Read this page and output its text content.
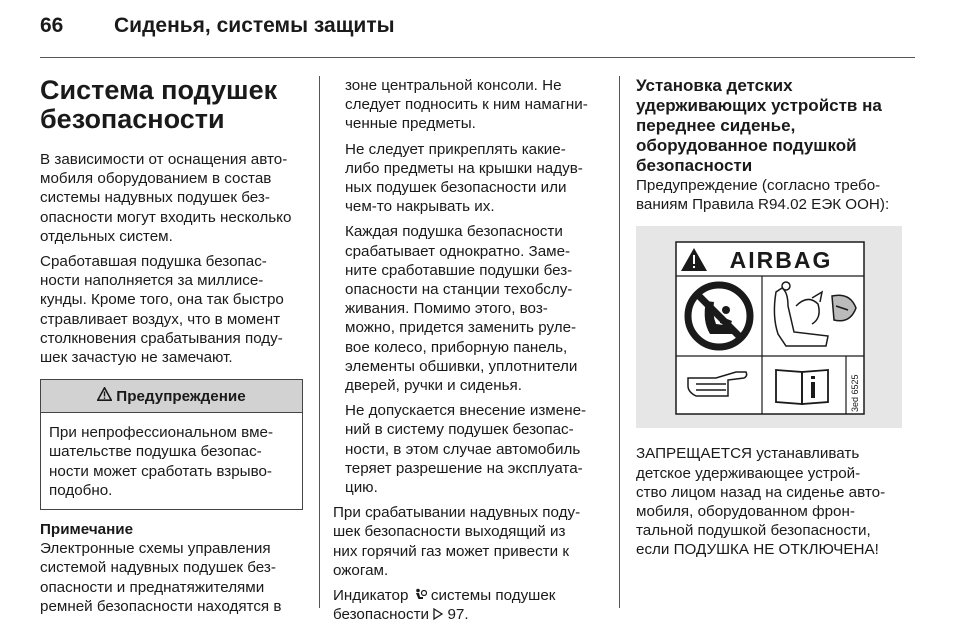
66	Сиденья, системы защиты
Система подушек
безопасности

В зависимости от оснащения авто-
мобиля оборудованием в состав
системы надувных подушек без-
опасности могут входить несколько
отдельных систем.

Сработавшая подушка безопас-
ности наполняется за миллисе-
кунды. Кроме того, она так быстро
стравливает воздух, что в момент
столкновения срабатывания поду-
шек зачастую не замечают.

Предупреждение
При непрофессиональном вме-
шательстве подушка безопас-
ности может сработать взрыво-
подобно.
Примечание
Электронные схемы управления
системой надувных подушек без-
опасности и преднатяжителями
ремней безопасности находятся в

зоне центральной консоли. Не
следует подносить к ним намагни-
ченные предметы.

Не следует прикреплять какие-
либо предметы на крышки надув-
ных подушек безопасности или
чем-то накрывать их.

Каждая подушка безопасности
срабатывает однократно. Заме-
ните сработавшие подушки без-
опасности на станции техобслу-
живания. Помимо этого, воз-
можно, придется заменить руле-
вое колесо, приборную панель,
элементы обшивки, уплотнители
дверей, ручки и сиденья.

Не допускается внесение измене-
ний в систему подушек безопас-
ности, в этом случае автомобиль
теряет разрешение на эксплуата-
цию.

При срабатывании надувных поду-
шек безопасности выходящий из
них горячий газ может привести к
ожогам.

Индикатор системы подушек
безопасности 97.

Установка детских
удерживающих устройств на
переднее сиденье,
оборудованное подушкой
безопасности
Предупреждение (согласно требо-
ваниям Правила R94.02 ЕЭК ООН):
AIRBAG
3ed 6525
ЗАПРЕЩАЕТСЯ устанавливать
детское удерживающее устрой-
ство лицом назад на сиденье авто-
мобиля, оборудованном фрон-
тальной подушкой безопасности,
если ПОДУШКА НЕ ОТКЛЮЧЕНА!
